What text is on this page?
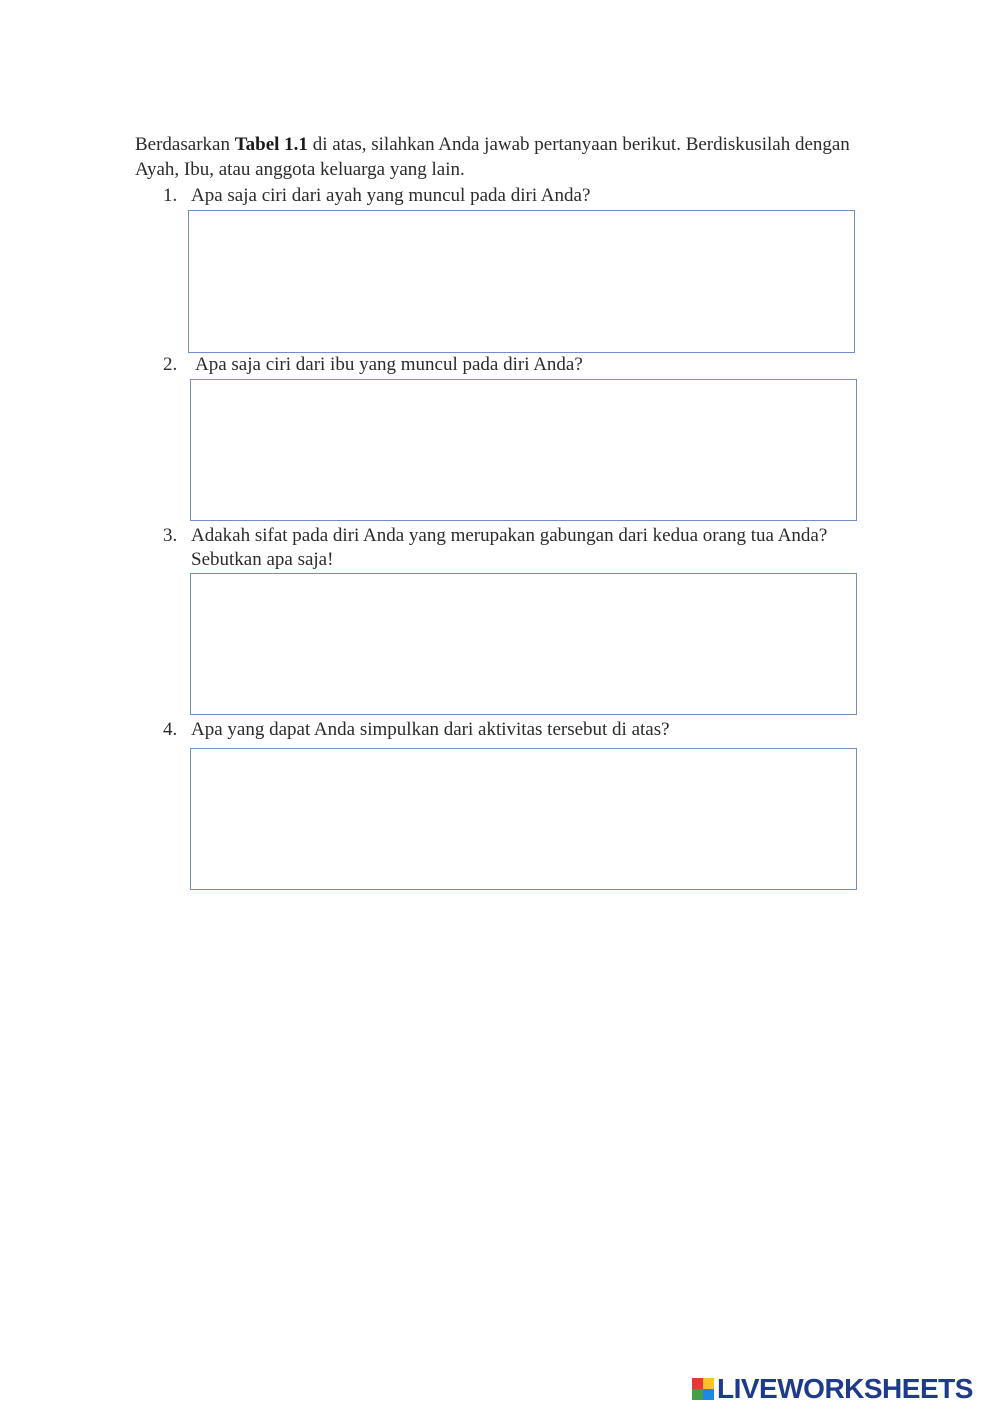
Berdasarkan Tabel 1.1 di atas, silahkan Anda jawab pertanyaan berikut. Berdiskusilah dengan Ayah, Ibu, atau anggota keluarga yang lain.
1. Apa saja ciri dari ayah yang muncul pada diri Anda?
2. Apa saja ciri dari ibu yang muncul pada diri Anda?
3. Adakah sifat pada diri Anda yang merupakan gabungan dari kedua orang tua Anda? Sebutkan apa saja!
4. Apa yang dapat Anda simpulkan dari aktivitas tersebut di atas?
LIVEWORKSHEETS
